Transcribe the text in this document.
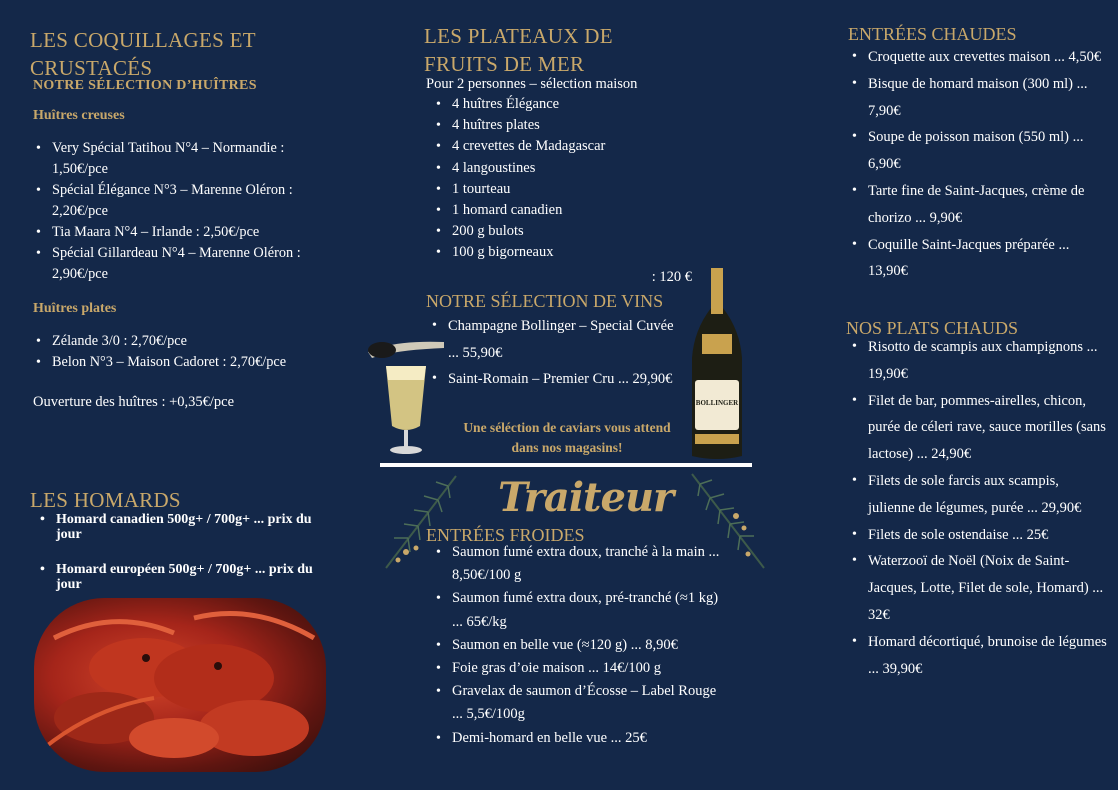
LES COQUILLAGES ET CRUSTACÉS
NOTRE SÉLECTION D’HUÎTRES
Huîtres creuses
• Very Spécial Tatihou N°4 – Normandie : 1,50€/pce
• Spécial Élégance N°3 – Marenne Oléron : 2,20€/pce
• Tia Maara N°4 – Irlande : 2,50€/pce
• Spécial Gillardeau N°4 – Marenne Oléron : 2,90€/pce
Huîtres plates
• Zélande 3/0 : 2,70€/pce
• Belon N°3 – Maison Cadoret : 2,70€/pce
Ouverture des huîtres : +0,35€/pce
LES HOMARDS
• Homard canadien 500g+ / 700g+ ... prix du jour
• Homard européen 500g+ / 700g+ ... prix du jour
LES PLATEAUX DE FRUITS DE MER
Pour 2 personnes – sélection maison
• 4 huîtres Élégance
• 4 huîtres plates
• 4 crevettes de Madagascar
• 4 langoustines
• 1 tourteau
• 1 homard canadien
• 200 g bulots
• 100 g bigorneaux
: 120 €
NOTRE SÉLECTION DE VINS
• Champagne Bollinger – Special Cuvée ... 55,90€
• Saint-Romain – Premier Cru ... 29,90€
Une séléction de caviars vous attend dans nos magasins!
BOLLINGER
Traiteur
ENTRÉES FROIDES
• Saumon fumé extra doux, tranché à la main ... 8,50€/100 g
• Saumon fumé extra doux, pré-tranché (≈1 kg) ... 65€/kg
• Saumon en belle vue (≈120 g) ... 8,90€
• Foie gras d’oie maison ... 14€/100 g
• Gravelax de saumon d’Écosse – Label Rouge ... 5,5€/100g
• Demi-homard en belle vue ... 25€
ENTRÉES CHAUDES
• Croquette aux crevettes maison ... 4,50€
• Bisque de homard maison (300 ml) ... 7,90€
• Soupe de poisson maison (550 ml) ... 6,90€
• Tarte fine de Saint-Jacques, crème de chorizo ... 9,90€
• Coquille Saint-Jacques préparée ... 13,90€
NOS PLATS CHAUDS
• Risotto de scampis aux champignons ... 19,90€
• Filet de bar, pommes-airelles, chicon, purée de céleri rave, sauce morilles (sans lactose) ... 24,90€
• Filets de sole farcis aux scampis, julienne de légumes, purée ... 29,90€
• Filets de sole ostendaise ... 25€
• Waterzooï de Noël (Noix de Saint-Jacques, Lotte, Filet de sole, Homard) ... 32€
• Homard décortiqué, brunoise de légumes ... 39,90€
